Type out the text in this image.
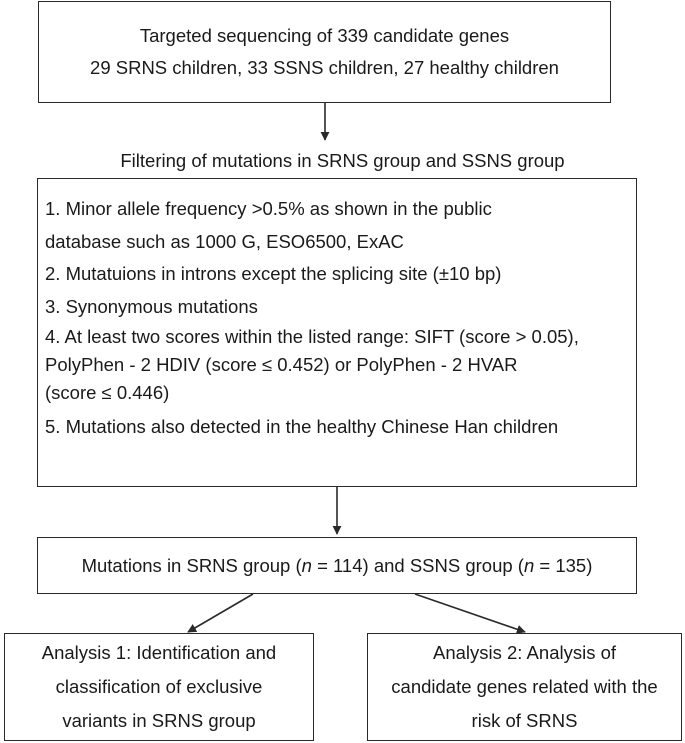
Targeted sequencing of 339 candidate genes
29 SRNS children, 33 SSNS children, 27 healthy children
Filtering of mutations in SRNS group and SSNS group
1. Minor allele frequency >0.5% as shown in the public
database such as 1000 G, ESO6500, ExAC
2. Mutatuions in introns except the splicing site (±10 bp)
3. Synonymous mutations
4. At least two scores within the listed range: SIFT (score > 0.05),
PolyPhen - 2 HDIV (score ≤ 0.452) or PolyPhen - 2 HVAR
(score ≤ 0.446)
5. Mutations also detected in the healthy Chinese Han children
Mutations in SRNS group (n = 114) and SSNS group (n = 135)
Analysis 1: Identification and
classification of exclusive
variants in SRNS group
Analysis 2: Analysis of
candidate genes related with the
risk of SRNS
